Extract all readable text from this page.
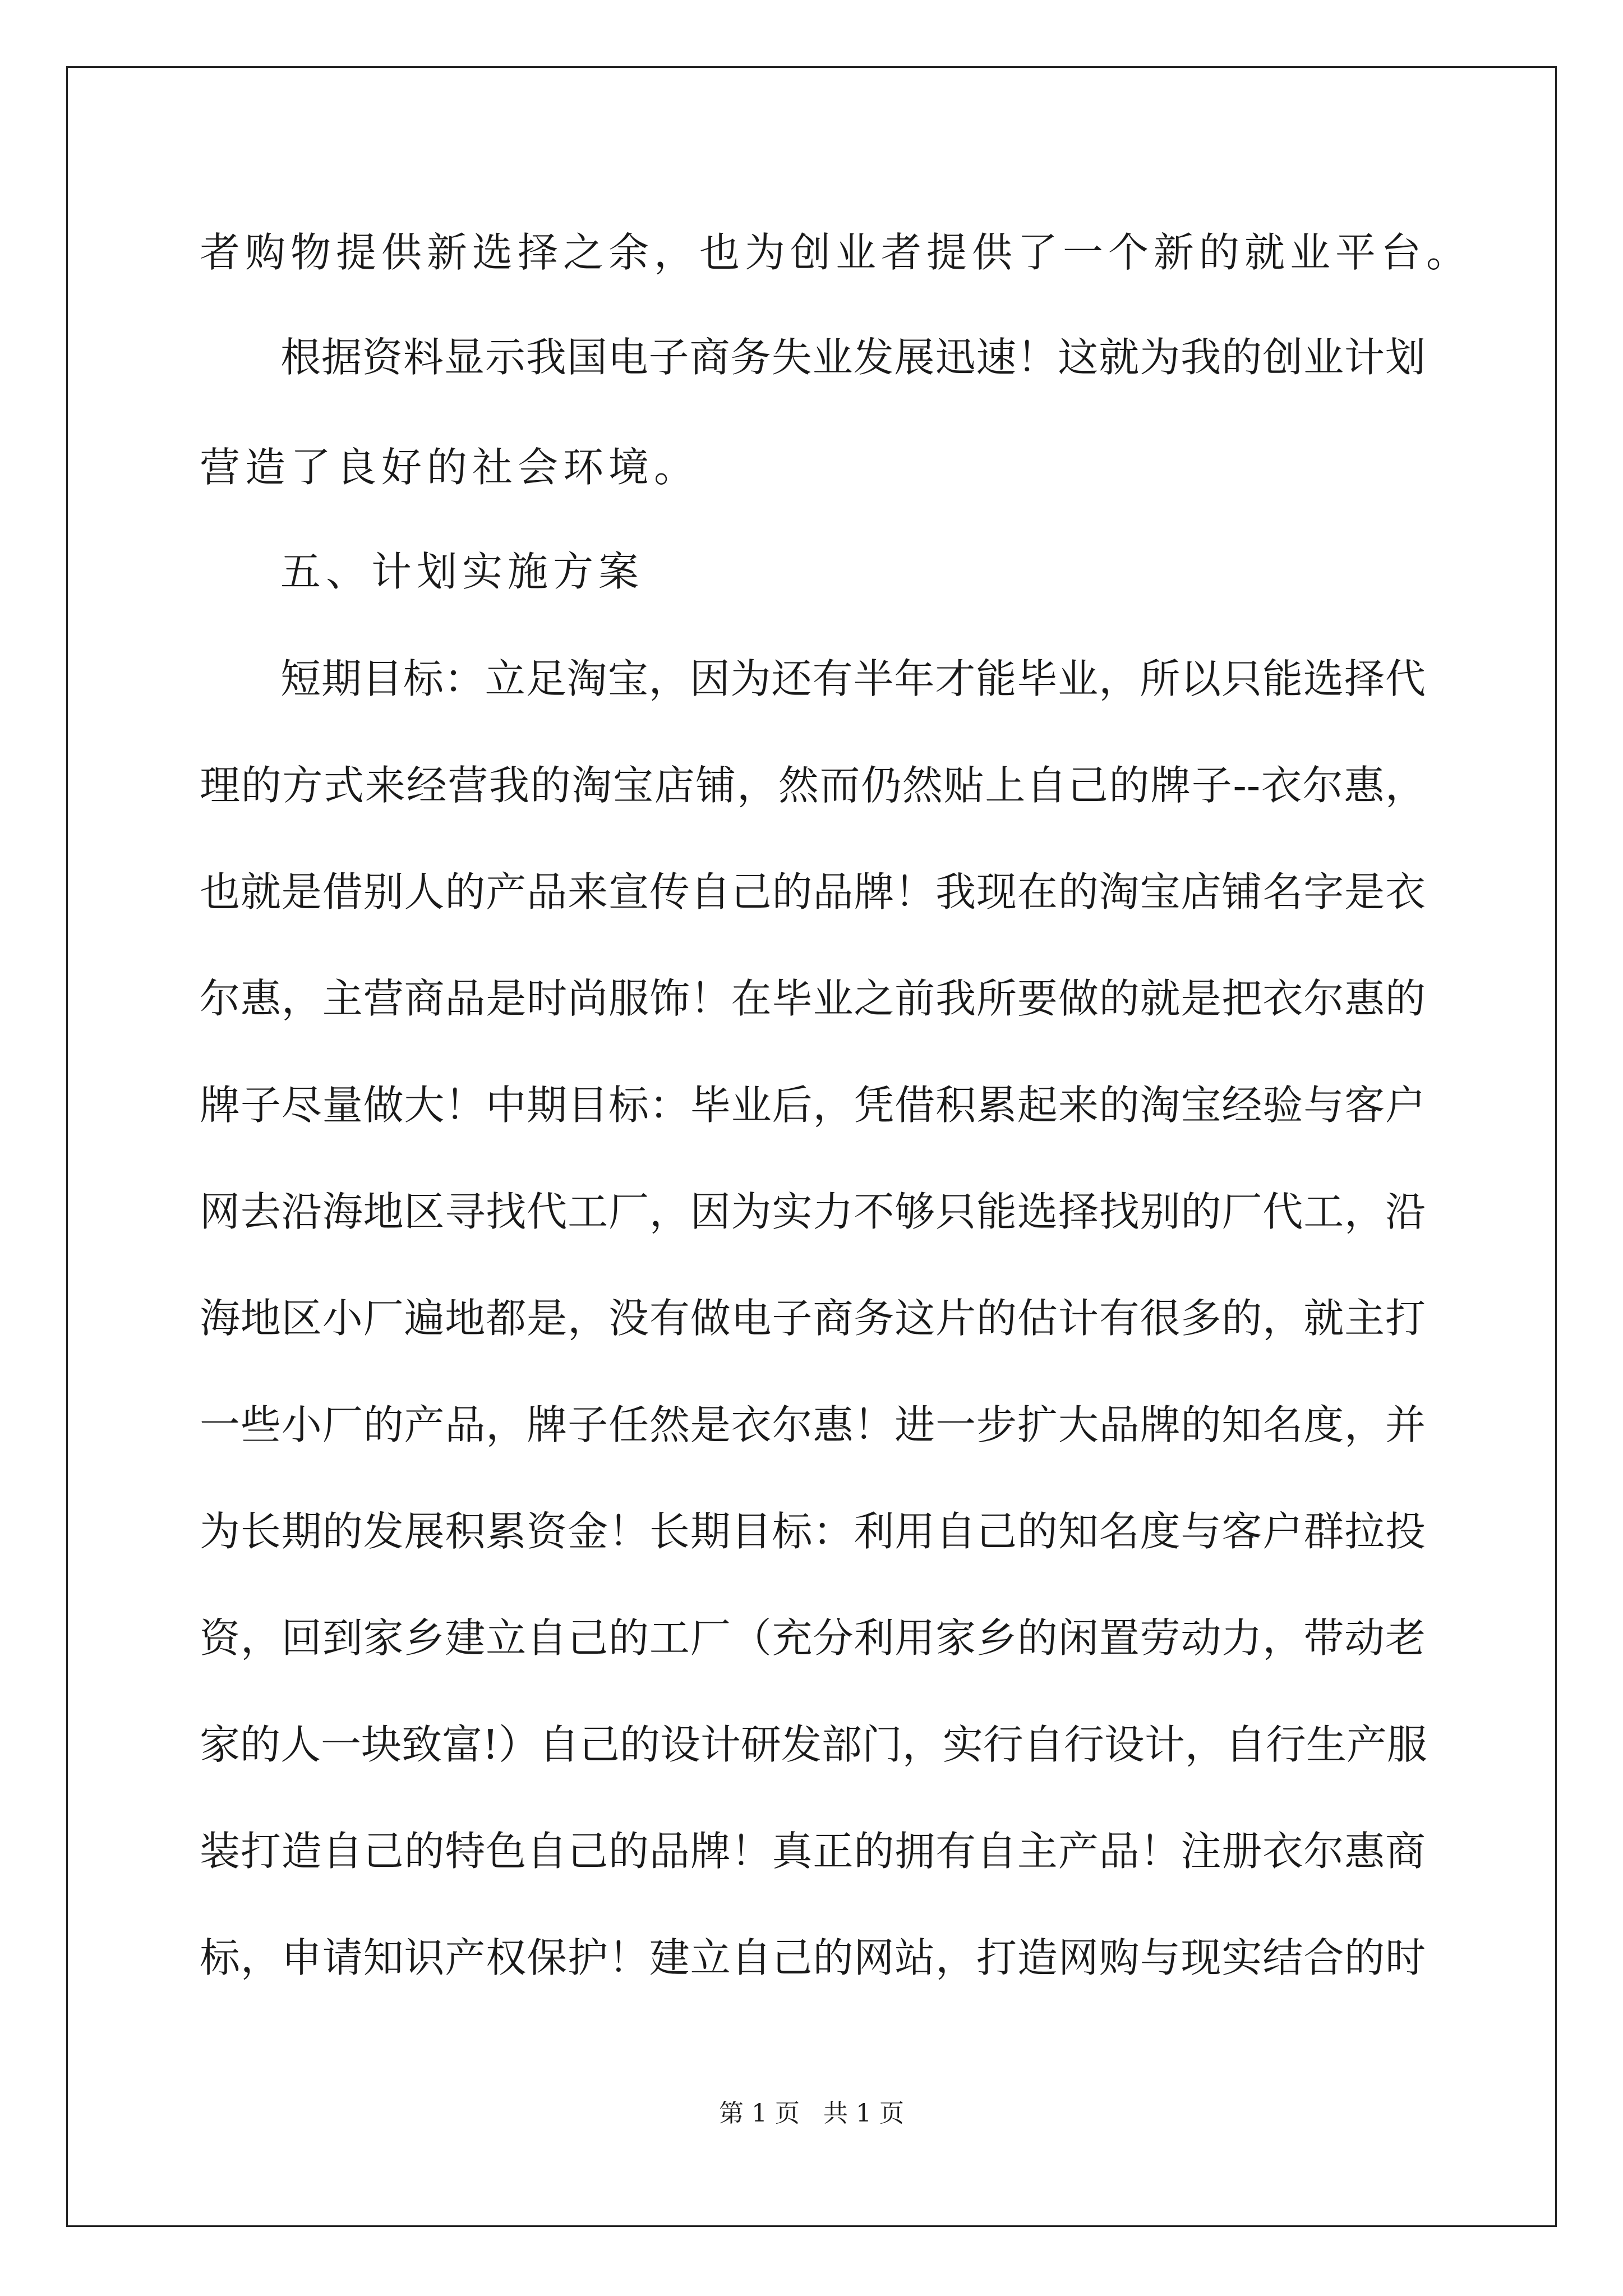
者购物提供新选择之余，也为创业者提供了一个新的就业平台。
根据资料显示我国电子商务失业发展迅速！这就为我的创业计划
营造了良好的社会环境。
五、计划实施方案
短期目标：立足淘宝，因为还有半年才能毕业，所以只能选择代
理的方式来经营我的淘宝店铺，然而仍然贴上自己的牌子--衣尔惠，
也就是借别人的产品来宣传自己的品牌！我现在的淘宝店铺名字是衣
尔惠，主营商品是时尚服饰！在毕业之前我所要做的就是把衣尔惠的
牌子尽量做大！中期目标：毕业后，凭借积累起来的淘宝经验与客户
网去沿海地区寻找代工厂，因为实力不够只能选择找别的厂代工，沿
海地区小厂遍地都是，没有做电子商务这片的估计有很多的，就主打
一些小厂的产品，牌子任然是衣尔惠！进一步扩大品牌的知名度，并
为长期的发展积累资金！长期目标：利用自己的知名度与客户群拉投
资，回到家乡建立自己的工厂（充分利用家乡的闲置劳动力，带动老
家的人一块致富!）自己的设计研发部门，实行自行设计，自行生产服
装打造自己的特色自己的品牌！真正的拥有自主产品！注册衣尔惠商
标，申请知识产权保护！建立自己的网站，打造网购与现实结合的时
第 1 页   共 1 页
